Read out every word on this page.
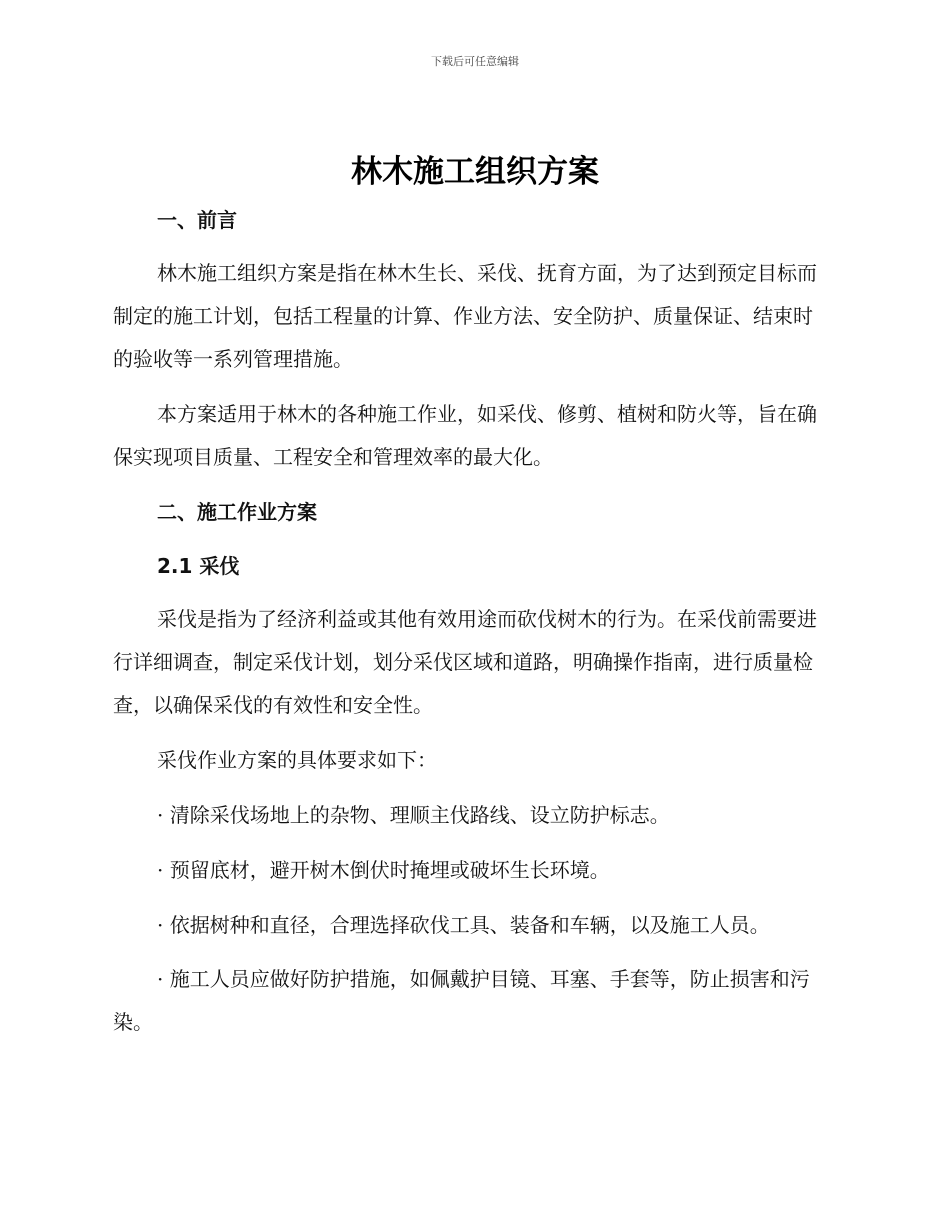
下载后可任意编辑
林木施工组织方案
一、前言

林木施工组织方案是指在林木生长、采伐、抚育方面，为了达到预定目标而制定的施工计划，包括工程量的计算、作业方法、安全防护、质量保证、结束时的验收等一系列管理措施。

本方案适用于林木的各种施工作业，如采伐、修剪、植树和防火等，旨在确保实现项目质量、工程安全和管理效率的最大化。

二、施工作业方案
2.1 采伐

采伐是指为了经济利益或其他有效用途而砍伐树木的行为。在采伐前需要进行详细调查，制定采伐计划，划分采伐区域和道路，明确操作指南，进行质量检查，以确保采伐的有效性和安全性。

采伐作业方案的具体要求如下：

· 清除采伐场地上的杂物、理顺主伐路线、设立防护标志。

· 预留底材，避开树木倒伏时掩埋或破坏生长环境。

· 依据树种和直径，合理选择砍伐工具、装备和车辆，以及施工人员。

· 施工人员应做好防护措施，如佩戴护目镜、耳塞、手套等，防止损害和污染。
